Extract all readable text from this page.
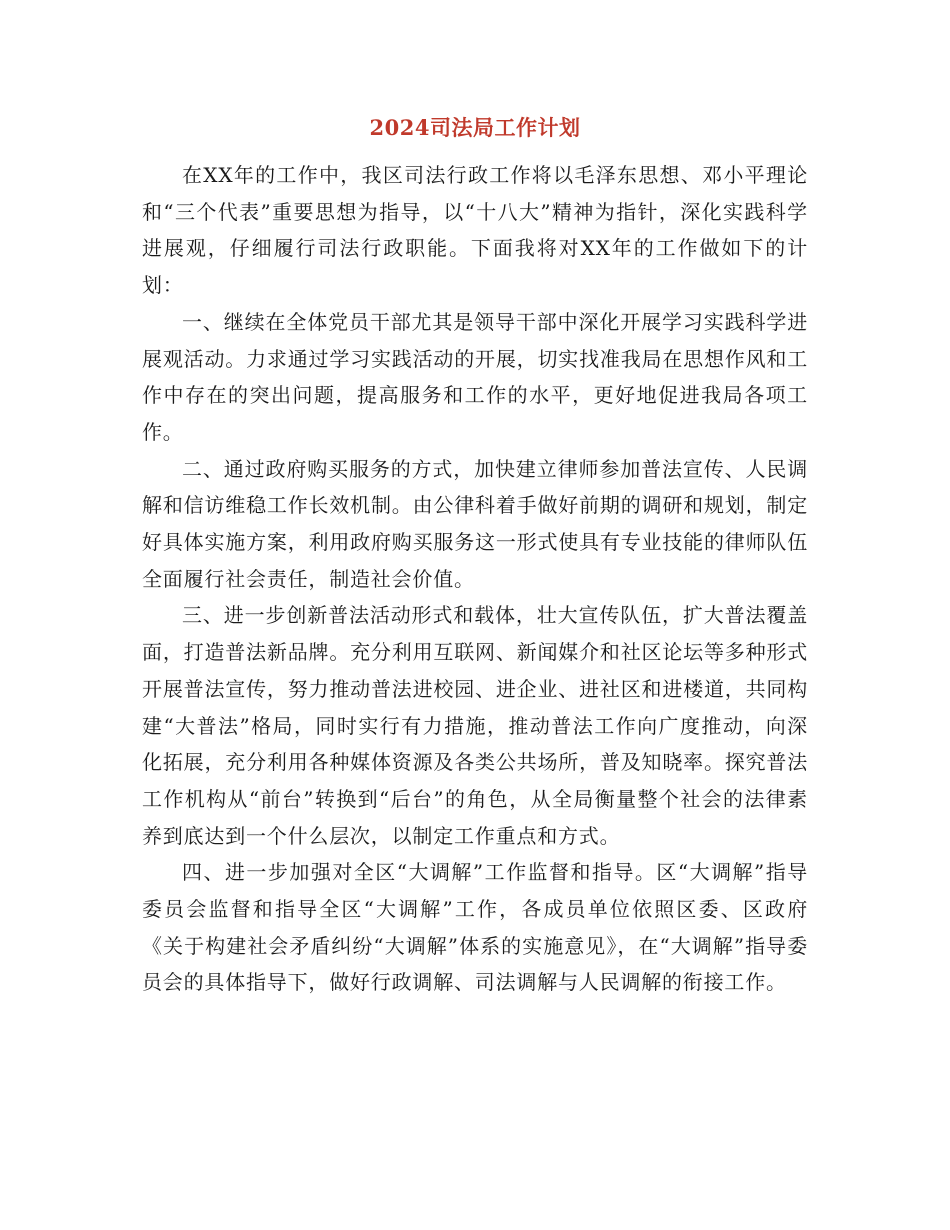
2024司法局工作计划

在XX年的工作中，我区司法行政工作将以毛泽东思想、邓小平理论和“三个代表”重要思想为指导，以“十八大”精神为指针，深化实践科学进展观，仔细履行司法行政职能。下面我将对XX年的工作做如下的计划：

一、继续在全体党员干部尤其是领导干部中深化开展学习实践科学进展观活动。力求通过学习实践活动的开展，切实找准我局在思想作风和工作中存在的突出问题，提高服务和工作的水平，更好地促进我局各项工作。

二、通过政府购买服务的方式，加快建立律师参加普法宣传、人民调解和信访维稳工作长效机制。由公律科着手做好前期的调研和规划，制定好具体实施方案，利用政府购买服务这一形式使具有专业技能的律师队伍全面履行社会责任，制造社会价值。

三、进一步创新普法活动形式和载体，壮大宣传队伍，扩大普法覆盖面，打造普法新品牌。充分利用互联网、新闻媒介和社区论坛等多种形式开展普法宣传，努力推动普法进校园、进企业、进社区和进楼道，共同构建“大普法”格局，同时实行有力措施，推动普法工作向广度推动，向深化拓展，充分利用各种媒体资源及各类公共场所，普及知晓率。探究普法工作机构从“前台”转换到“后台”的角色，从全局衡量整个社会的法律素养到底达到一个什么层次，以制定工作重点和方式。

四、进一步加强对全区“大调解”工作监督和指导。区“大调解”指导委员会监督和指导全区“大调解”工作，各成员单位依照区委、区政府《关于构建社会矛盾纠纷“大调解”体系的实施意见》，在“大调解”指导委员会的具体指导下，做好行政调解、司法调解与人民调解的衔接工作。
